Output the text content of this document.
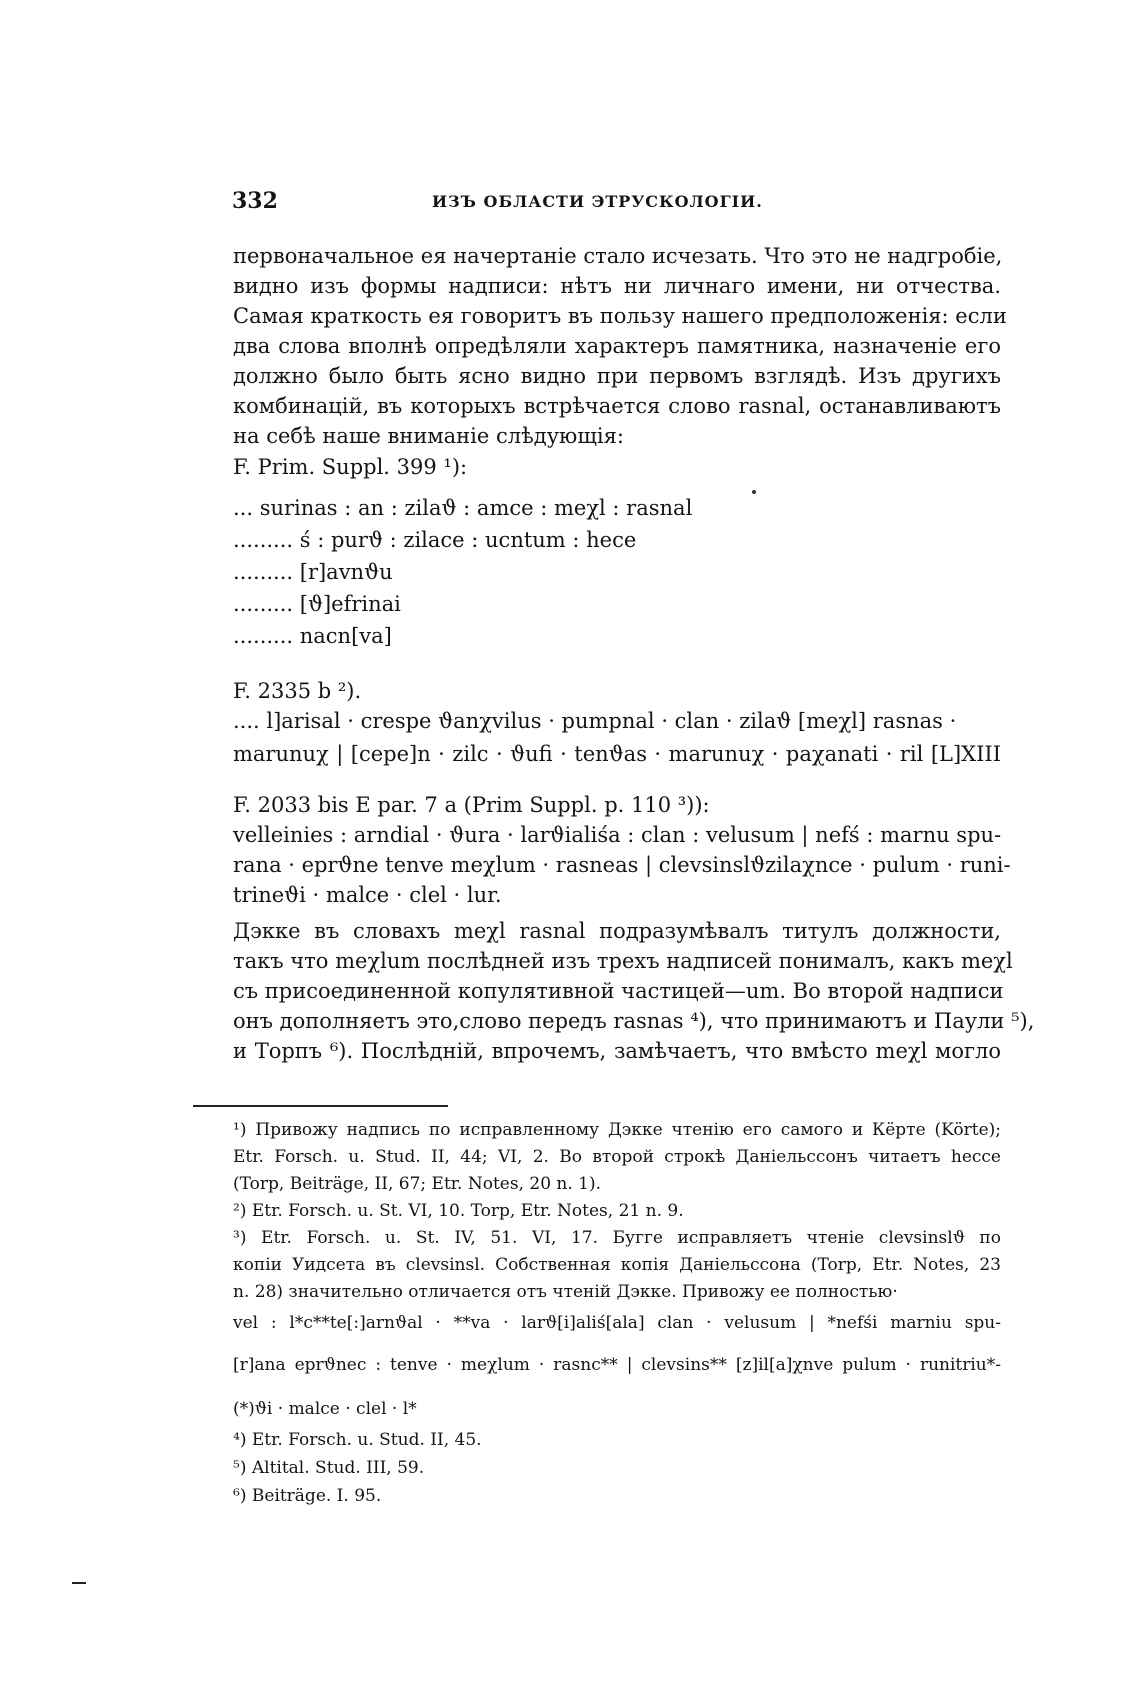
332	ИЗЪ ОБЛАСТИ ЭТРУСКОЛОГІИ.
первоначальное ея начертаніе стало исчезать. Что это не надгробіе,
видно изъ формы надписи: нѣтъ ни личнаго имени, ни отчества.
Самая краткость ея говоритъ въ пользу нашего предположенія: если
два слова вполнѣ опредѣляли характеръ памятника, назначеніе его
должно было быть ясно видно при первомъ взглядѣ. Изъ другихъ
комбинацій, въ которыхъ встрѣчается слово rasnal, останавливаютъ
на себѣ наше вниманіе слѣдующія:
F. Prim. Suppl. 399 ¹):
... surinas : an : zilaϑ : amce : meχl : rasnal
......... ś : purϑ : zilace : ucntum : hece
......... [r]avnϑu
......... [ϑ]efrinai
......... nacn[va]
F. 2335 b ²).
.... l]arisal · crespe ϑanχvilus · pumpnal · clan · zilaϑ [meχl] rasnas ·
marunuχ | [cepe]n · zilc · ϑufi · tenϑas · marunuχ · paχanati · ril [L]XIII
F. 2033 bis E par. 7 a (Prim Suppl. p. 110 ³)):
velleinies : arndial · ϑura · larϑialiśa : clan : velusum | nefś : marnu spu-
rana · eprϑne tenve meχlum · rasneas | clevsinslϑzilaχnce · pulum · runi-
trineϑi · malce · clel · lur.
Дэкке въ словахъ meχl rasnal подразумѣвалъ титулъ должности,
такъ что meχlum послѣдней изъ трехъ надписей понималъ, какъ meχl
съ присоединенной копулятивной частицей—um. Во второй надписи
онъ дополняетъ это,слово передъ rasnas ⁴), что принимаютъ и Паули ⁵),
и Торпъ ⁶). Послѣдній, впрочемъ, замѣчаетъ, что вмѣсто meχl могло
¹) Привожу надпись по исправленному Дэкке чтенію его самого и Кёрте (Körte);
Etr. Forsch. u. Stud. II, 44; VI, 2. Во второй строкѣ Даніельссонъ читаетъ hecce
(Torp, Beiträge, II, 67; Etr. Notes, 20 n. 1).
²) Etr. Forsch. u. St. VI, 10. Torp, Etr. Notes, 21 n. 9.
³) Etr. Forsch. u. St. IV, 51. VI, 17. Бугге исправляетъ чтеніе clevsinslϑ по
копіи Уидсета въ clevsinsl. Собственная копія Даніельссона (Torp, Etr. Notes, 23
n. 28) значительно отличается отъ чтеній Дэкке. Привожу ее полностью·
vel : l*c**te[:]arnϑal · **va · larϑ[i]aliś[ala] clan · velusum | *nefśi marniu spu-
[r]ana eprϑnec : tenve · meχlum · rasnc** | clevsins** [z]il[a]χnve pulum · runitriu*-
(*)ϑi · malce · clel · l*
⁴) Etr. Forsch. u. Stud. II, 45.
⁵) Altital. Stud. III, 59.
⁶) Beiträge. I. 95.
